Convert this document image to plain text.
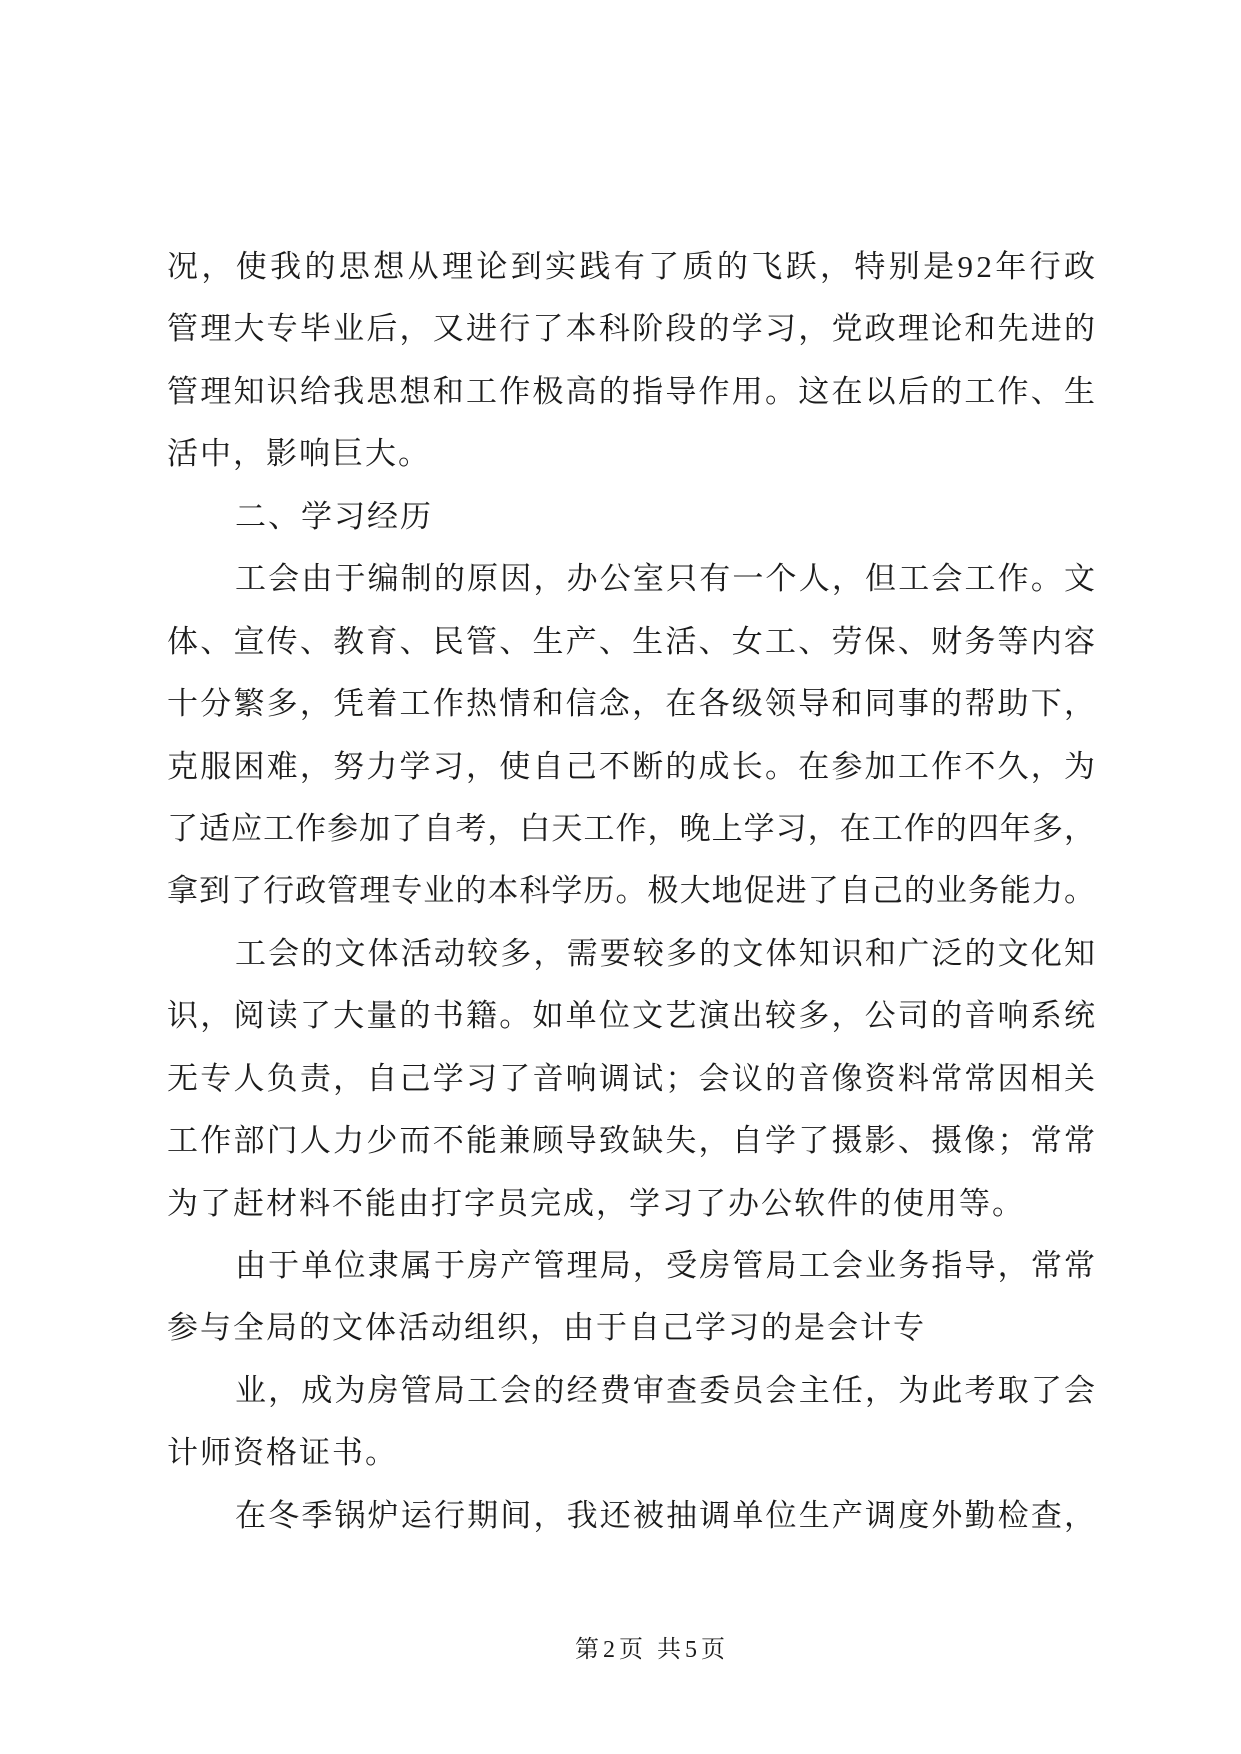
况，使我的思想从理论到实践有了质的飞跃，特别是92年行政
管理大专毕业后，又进行了本科阶段的学习，党政理论和先进的
管理知识给我思想和工作极高的指导作用。这在以后的工作、生
活中，影响巨大。
二、学习经历
工会由于编制的原因，办公室只有一个人，但工会工作。文
体、宣传、教育、民管、生产、生活、女工、劳保、财务等内容
十分繁多，凭着工作热情和信念，在各级领导和同事的帮助下，
克服困难，努力学习，使自己不断的成长。在参加工作不久，为
了适应工作参加了自考，白天工作，晚上学习，在工作的四年多，
拿到了行政管理专业的本科学历。极大地促进了自己的业务能力。
工会的文体活动较多，需要较多的文体知识和广泛的文化知
识，阅读了大量的书籍。如单位文艺演出较多，公司的音响系统
无专人负责，自己学习了音响调试；会议的音像资料常常因相关
工作部门人力少而不能兼顾导致缺失，自学了摄影、摄像；常常
为了赶材料不能由打字员完成，学习了办公软件的使用等。
由于单位隶属于房产管理局，受房管局工会业务指导，常常
参与全局的文体活动组织，由于自己学习的是会计专
业，成为房管局工会的经费审查委员会主任，为此考取了会
计师资格证书。
在冬季锅炉运行期间，我还被抽调单位生产调度外勤检查，
第2页 共5页
